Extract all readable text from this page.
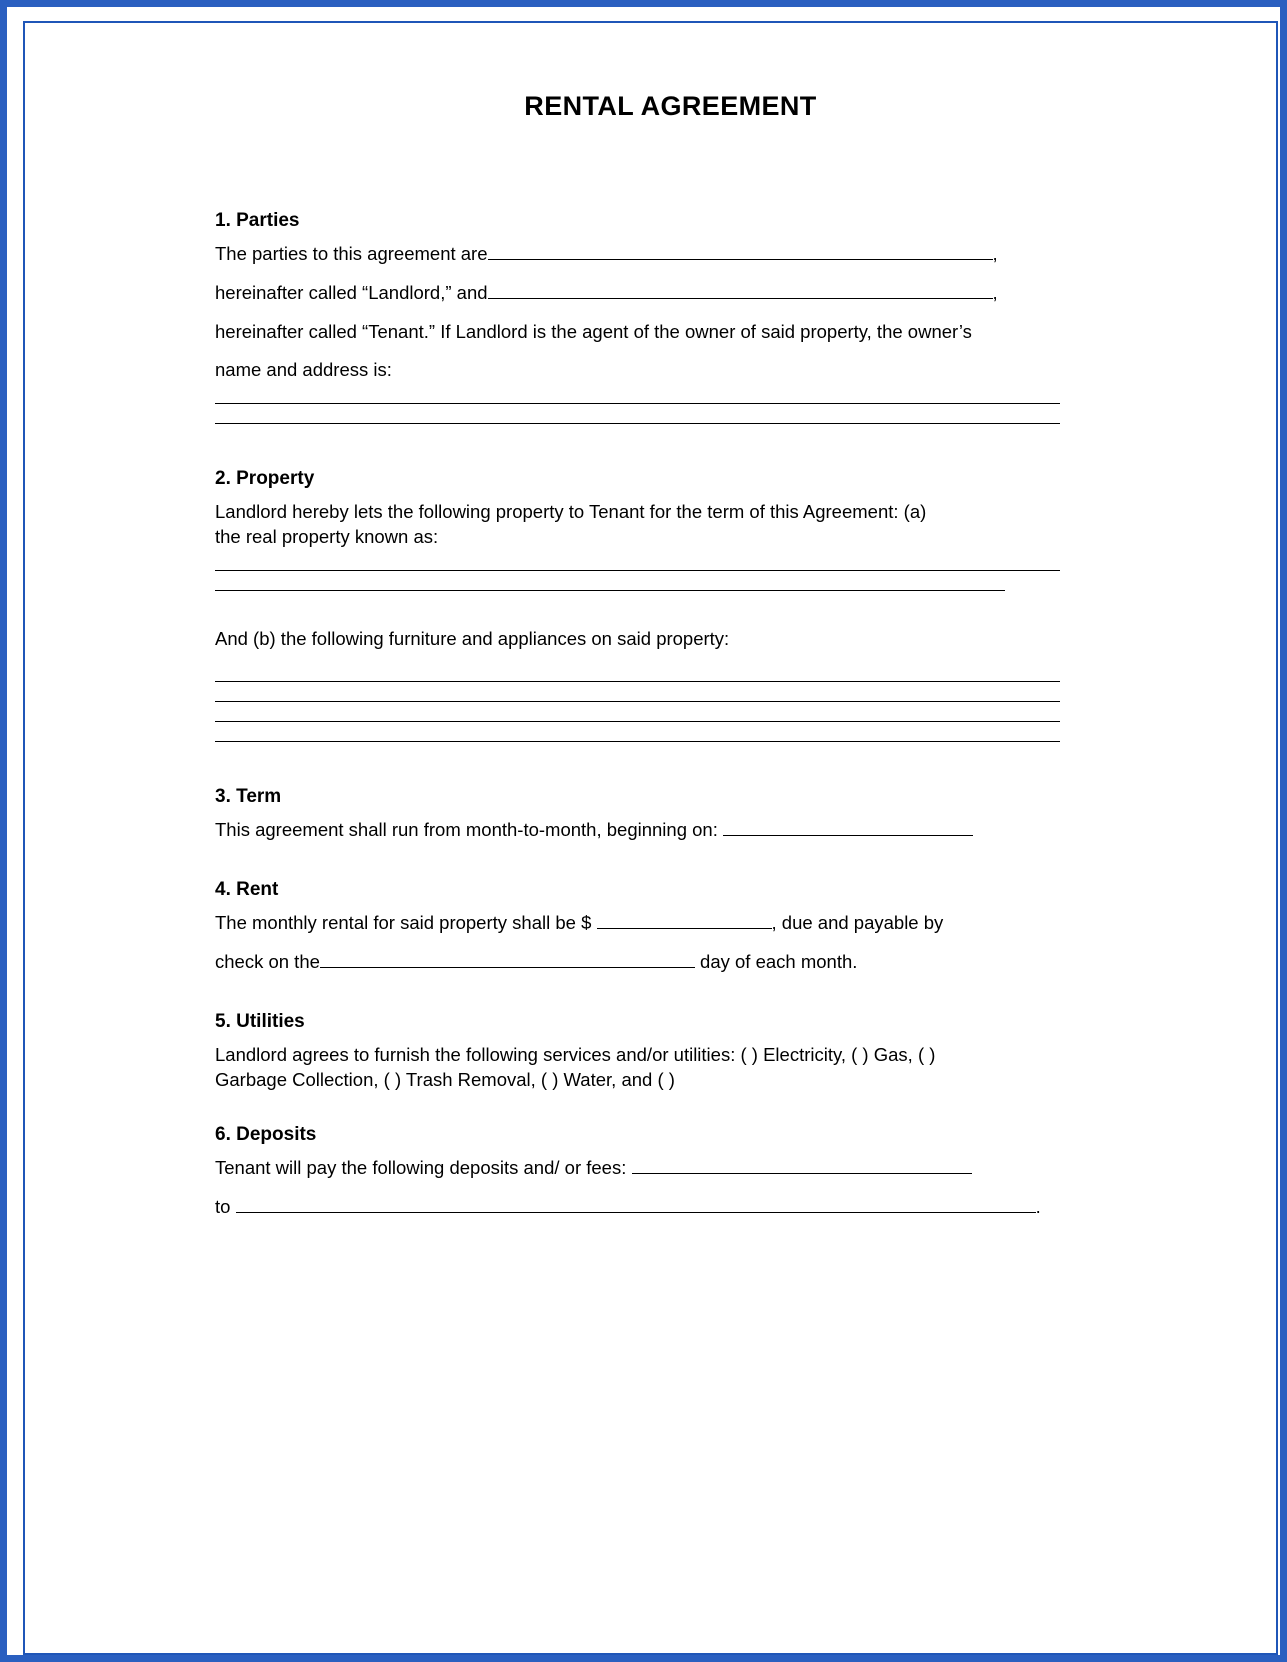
RENTAL AGREEMENT
1. Parties

The parties to this agreement are	,

hereinafter called “Landlord,” and	,

hereinafter called “Tenant.” If Landlord is the agent of the owner of said property, the owner’s

name and address is:

2. Property

Landlord hereby lets the following property to Tenant for the term of this Agreement: (a)

the real property known as:

And (b) the following furniture and appliances on said property:

3. Term

This agreement shall run from month-to-month, beginning on:

4. Rent

The monthly rental for said property shall be $	, due and payable by

check on the	day of each month.

5. Utilities

Landlord agrees to furnish the following services and/or utilities: ( ) Electricity, ( ) Gas, ( )

Garbage Collection, ( ) Trash Removal, ( ) Water, and ( )

6. Deposits

Tenant will pay the following deposits and/ or fees:

to	.
